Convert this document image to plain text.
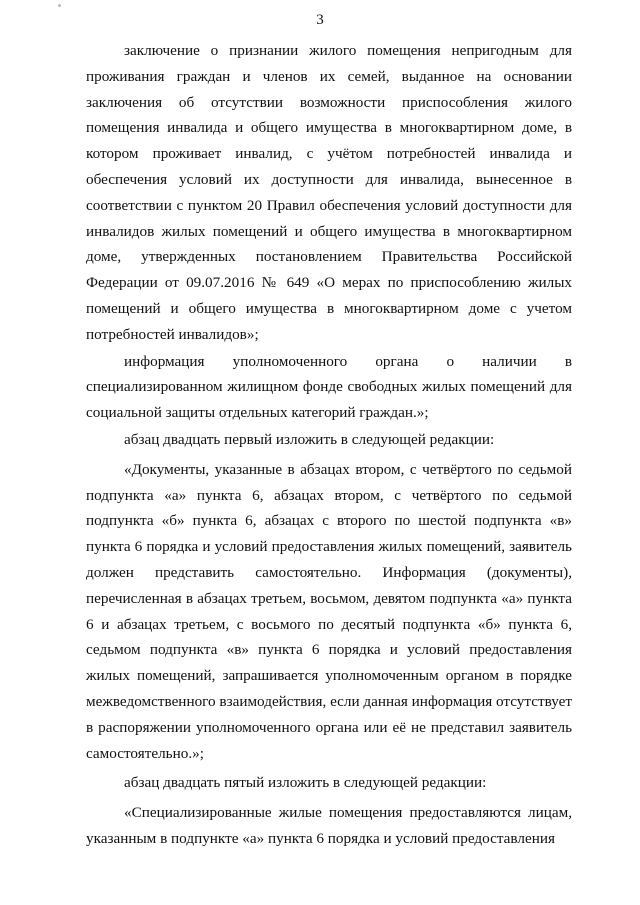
3

заключение о признании жилого помещения непригодным для проживания граждан и членов их семей, выданное на основании заключения об отсутствии возможности приспособления жилого помещения инвалида и общего имущества в многоквартирном доме, в котором проживает инвалид, с учётом потребностей инвалида и обеспечения условий их доступности для инвалида, вынесенное в соответствии с пунктом 20 Правил обеспечения условий доступности для инвалидов жилых помещений и общего имущества в многоквартирном доме, утвержденных постановлением Правительства Российской Федерации от 09.07.2016 № 649 «О мерах по приспособлению жилых помещений и общего имущества в многоквартирном доме с учетом потребностей инвалидов»;

информация уполномоченного органа о наличии в специализированном жилищном фонде свободных жилых помещений для социальной защиты отдельных категорий граждан.»;

абзац двадцать первый изложить в следующей редакции:

«Документы, указанные в абзацах втором, с четвёртого по седьмой подпункта «а» пункта 6, абзацах втором, с четвёртого по седьмой подпункта «б» пункта 6, абзацах с второго по шестой подпункта «в» пункта 6 порядка и условий предоставления жилых помещений, заявитель должен представить самостоятельно. Информация (документы), перечисленная в абзацах третьем, восьмом, девятом подпункта «а» пункта 6 и абзацах третьем, с восьмого по десятый подпункта «б» пункта 6, седьмом подпункта «в» пункта 6 порядка и условий предоставления жилых помещений, запрашивается уполномоченным органом в порядке межведомственного взаимодействия, если данная информация отсутствует в распоряжении уполномоченного органа или её не представил заявитель самостоятельно.»;

абзац двадцать пятый изложить в следующей редакции:

«Специализированные жилые помещения предоставляются лицам, указанным в подпункте «а» пункта 6 порядка и условий предоставления
